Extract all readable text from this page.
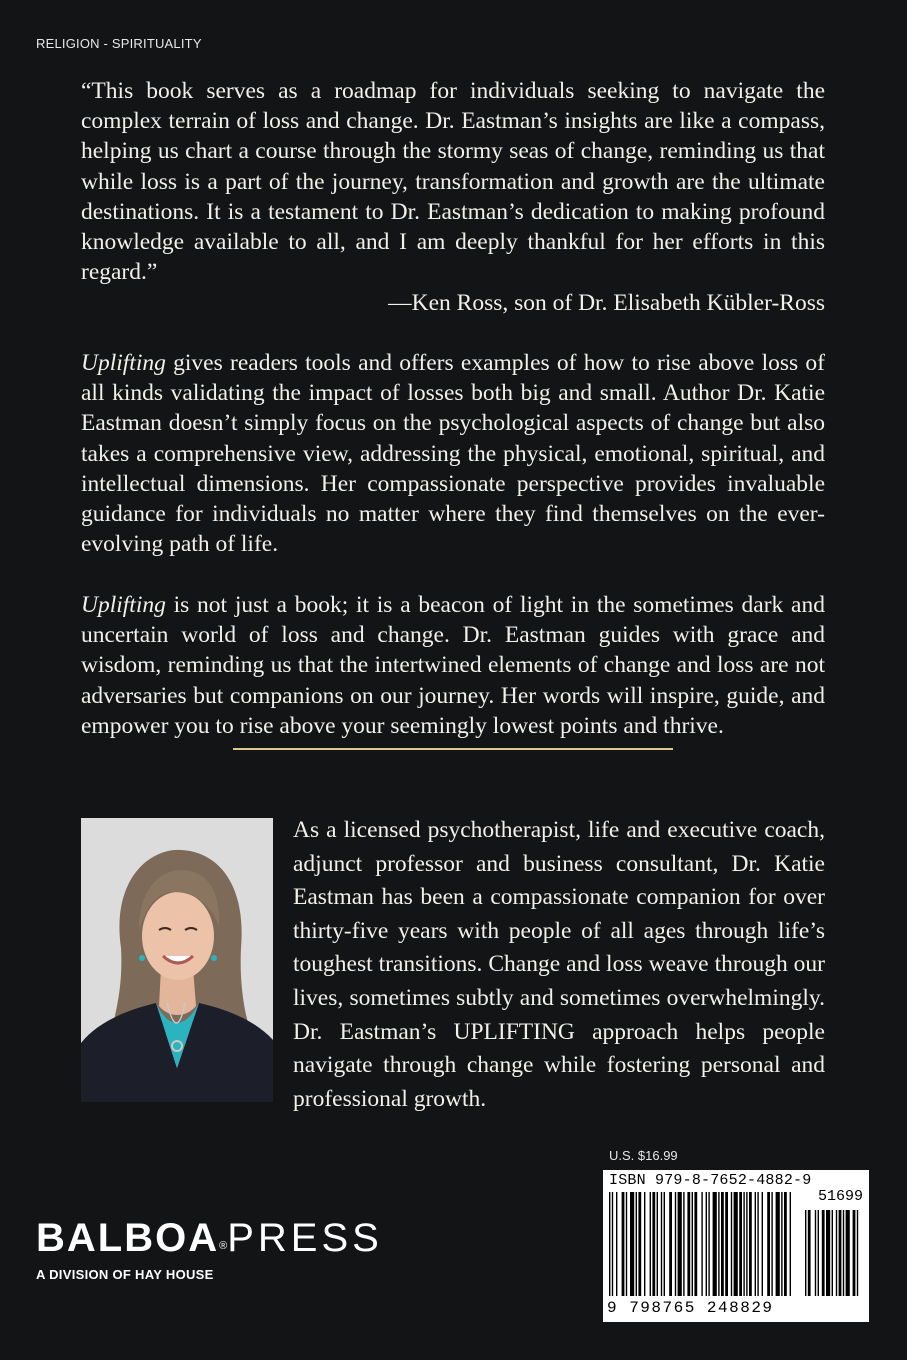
RELIGION - SPIRITUALITY
“This book serves as a roadmap for individuals seeking to navigate the complex terrain of loss and change. Dr. Eastman’s insights are like a compass, helping us chart a course through the stormy seas of change, reminding us that while loss is a part of the journey, transformation and growth are the ultimate destinations. It is a testament to Dr. Eastman’s dedication to making profound knowledge available to all, and I am deeply thankful for her efforts in this regard.”
—Ken Ross, son of Dr. Elisabeth Kübler-Ross
Uplifting gives readers tools and offers examples of how to rise above loss of all kinds validating the impact of losses both big and small. Author Dr. Katie Eastman doesn’t simply focus on the psychological aspects of change but also takes a comprehensive view, addressing the physical, emotional, spiritual, and intellectual dimensions. Her compassionate perspective provides invaluable guidance for individuals no matter where they find themselves on the ever-evolving path of life.
Uplifting is not just a book; it is a beacon of light in the sometimes dark and uncertain world of loss and change. Dr. Eastman guides with grace and wisdom, reminding us that the intertwined elements of change and loss are not adversaries but companions on our journey. Her words will inspire, guide, and empower you to rise above your seemingly lowest points and thrive.
As a licensed psychotherapist, life and executive coach, adjunct professor and business consultant, Dr. Katie Eastman has been a compassionate companion for over thirty-five years with people of all ages through life’s toughest transitions. Change and loss weave through our lives, sometimes subtly and sometimes overwhelmingly. Dr. Eastman’s UPLIFTING approach helps people navigate through change while fostering personal and professional growth.
U.S. $16.99
ISBN 979-8-7652-4882-9
51699
9 798765 248829
BALBOA®PRESS
A DIVISION OF HAY HOUSE
